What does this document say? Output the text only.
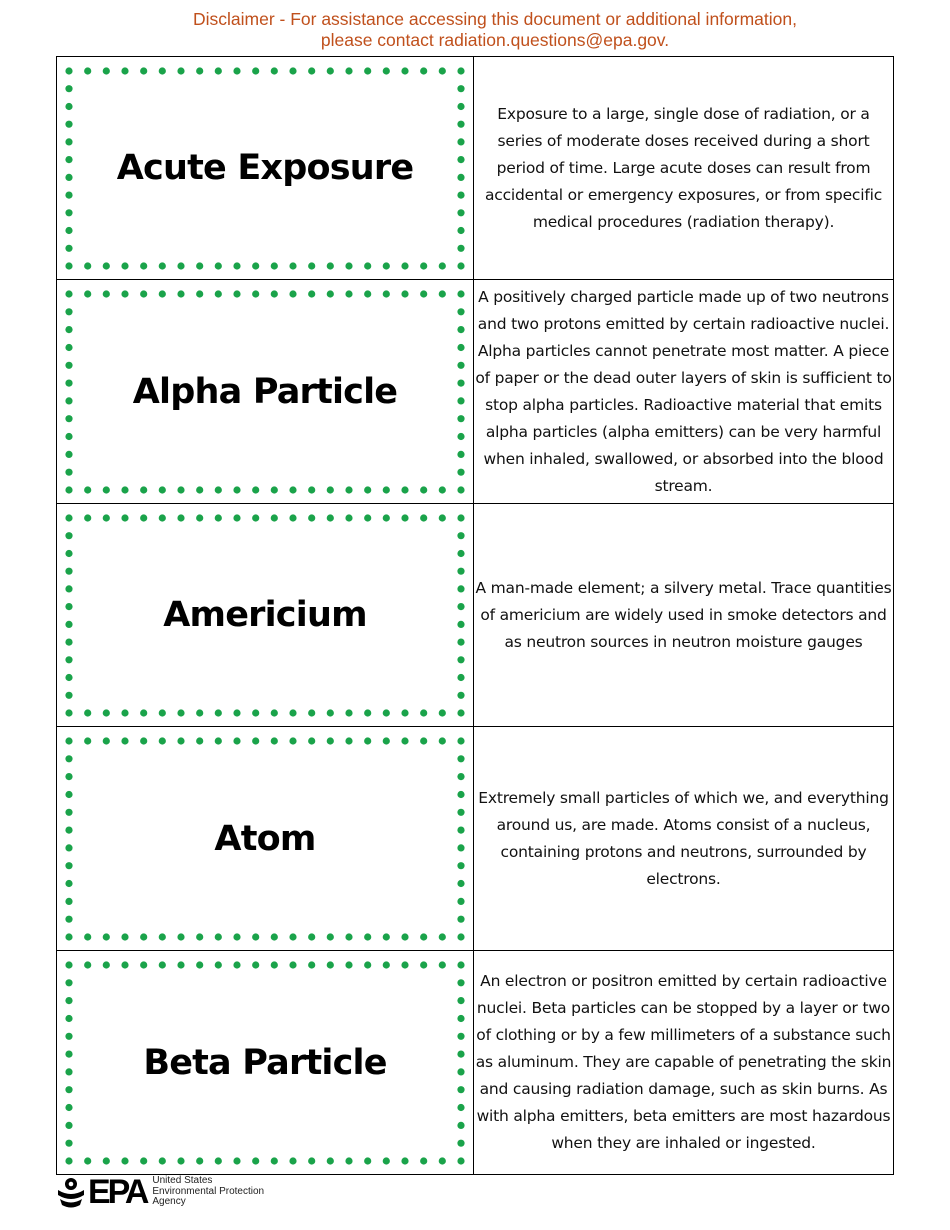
Disclaimer - For assistance accessing this document or additional information,
please contact radiation.questions@epa.gov.
Acute Exposure	Exposure to a large, single dose of radiation, or a series of moderate doses received during a short period of time. Large acute doses can result from accidental or emergency exposures, or from specific medical procedures (radiation therapy).

Alpha Particle	A positively charged particle made up of two neutrons and two protons emitted by certain radioactive nuclei. Alpha particles cannot penetrate most matter. A piece of paper or the dead outer layers of skin is sufficient to stop alpha particles. Radioactive material that emits alpha particles (alpha emitters) can be very harmful when inhaled, swallowed, or absorbed into the blood stream.

Americium	A man-made element; a silvery metal. Trace quantities of americium are widely used in smoke detectors and as neutron sources in neutron moisture gauges

Atom	Extremely small particles of which we, and everything around us, are made. Atoms consist of a nucleus, containing protons and neutrons, surrounded by electrons.

Beta Particle	An electron or positron emitted by certain radioactive nuclei. Beta particles can be stopped by a layer or two of clothing or by a few millimeters of a substance such as aluminum. They are capable of penetrating the skin and causing radiation damage, such as skin burns. As with alpha emitters, beta emitters are most hazardous when they are inhaled or ingested.
EPA United States
Environmental Protection
Agency
